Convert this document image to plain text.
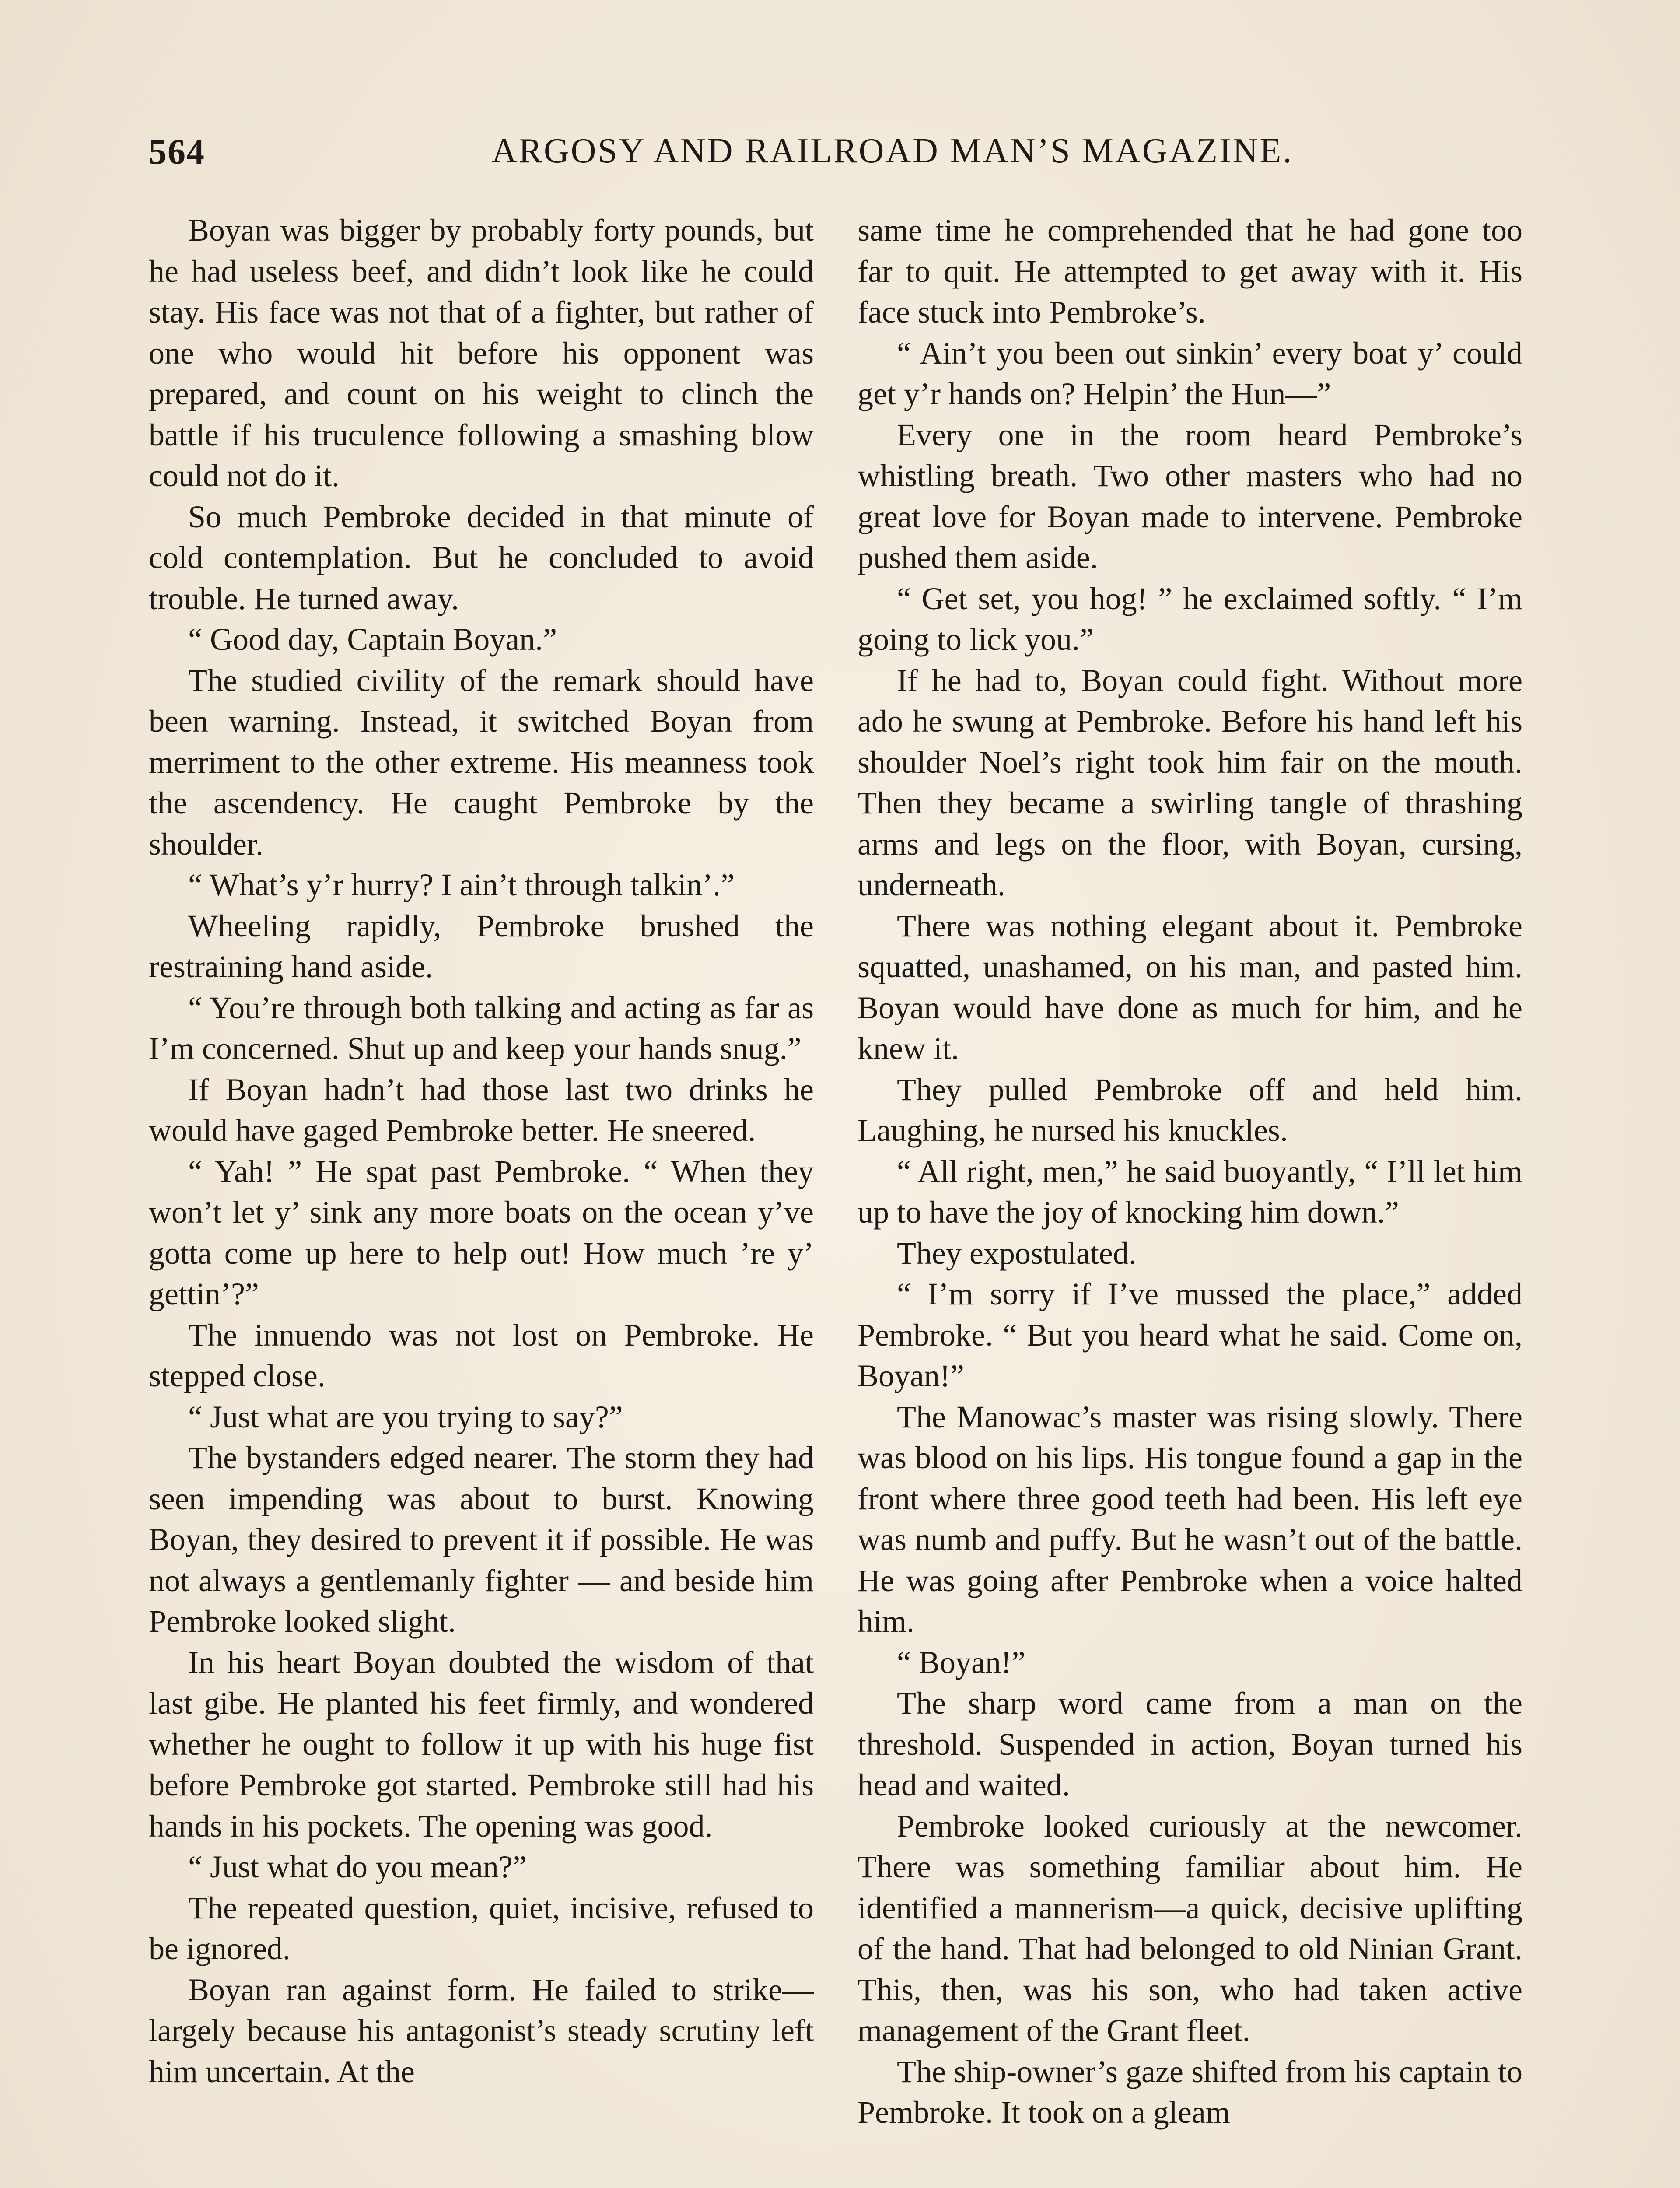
564	ARGOSY AND RAILROAD MAN’S MAGAZINE.

Boyan was bigger by probably forty pounds, but he had useless beef, and didn’t look like he could stay. His face was not that of a fighter, but rather of one who would hit before his opponent was prepared, and count on his weight to clinch the battle if his truculence following a smashing blow could not do it.

So much Pembroke decided in that minute of cold contemplation. But he concluded to avoid trouble. He turned away.

“ Good day, Captain Boyan.”

The studied civility of the remark should have been warning. Instead, it switched Boyan from merriment to the other extreme. His meanness took the ascendency. He caught Pembroke by the shoulder.

“ What’s y’r hurry? I ain’t through talkin’.”

Wheeling rapidly, Pembroke brushed the restraining hand aside.

“ You’re through both talking and acting as far as I’m concerned. Shut up and keep your hands snug.”

If Boyan hadn’t had those last two drinks he would have gaged Pembroke better. He sneered.

“ Yah! ” He spat past Pembroke. “ When they won’t let y’ sink any more boats on the ocean y’ve gotta come up here to help out! How much ’re y’ gettin’?”

The innuendo was not lost on Pembroke. He stepped close.

“ Just what are you trying to say?”

The bystanders edged nearer. The storm they had seen impending was about to burst. Knowing Boyan, they desired to prevent it if possible. He was not always a gentlemanly fighter — and beside him Pembroke looked slight.

In his heart Boyan doubted the wisdom of that last gibe. He planted his feet firmly, and wondered whether he ought to follow it up with his huge fist before Pembroke got started. Pembroke still had his hands in his pockets. The opening was good.

“ Just what do you mean?”

The repeated question, quiet, incisive, refused to be ignored.

Boyan ran against form. He failed to strike—largely because his antagonist’s steady scrutiny left him uncertain. At the

same time he comprehended that he had gone too far to quit. He attempted to get away with it. His face stuck into Pembroke’s.

“ Ain’t you been out sinkin’ every boat y’ could get y’r hands on? Helpin’ the Hun—”

Every one in the room heard Pembroke’s whistling breath. Two other masters who had no great love for Boyan made to intervene. Pembroke pushed them aside.

“ Get set, you hog! ” he exclaimed softly. “ I’m going to lick you.”

If he had to, Boyan could fight. Without more ado he swung at Pembroke. Before his hand left his shoulder Noel’s right took him fair on the mouth. Then they became a swirling tangle of thrashing arms and legs on the floor, with Boyan, cursing, underneath.

There was nothing elegant about it. Pembroke squatted, unashamed, on his man, and pasted him. Boyan would have done as much for him, and he knew it.

They pulled Pembroke off and held him. Laughing, he nursed his knuckles.

“ All right, men,” he said buoyantly, “ I’ll let him up to have the joy of knocking him down.”

They expostulated.

“ I’m sorry if I’ve mussed the place,” added Pembroke. “ But you heard what he said. Come on, Boyan!”

The Manowac’s master was rising slowly. There was blood on his lips. His tongue found a gap in the front where three good teeth had been. His left eye was numb and puffy. But he wasn’t out of the battle. He was going after Pembroke when a voice halted him.

“ Boyan!”

The sharp word came from a man on the threshold. Suspended in action, Boyan turned his head and waited.

Pembroke looked curiously at the newcomer. There was something familiar about him. He identified a mannerism—a quick, decisive uplifting of the hand. That had belonged to old Ninian Grant. This, then, was his son, who had taken active management of the Grant fleet.

The ship-owner’s gaze shifted from his captain to Pembroke. It took on a gleam
